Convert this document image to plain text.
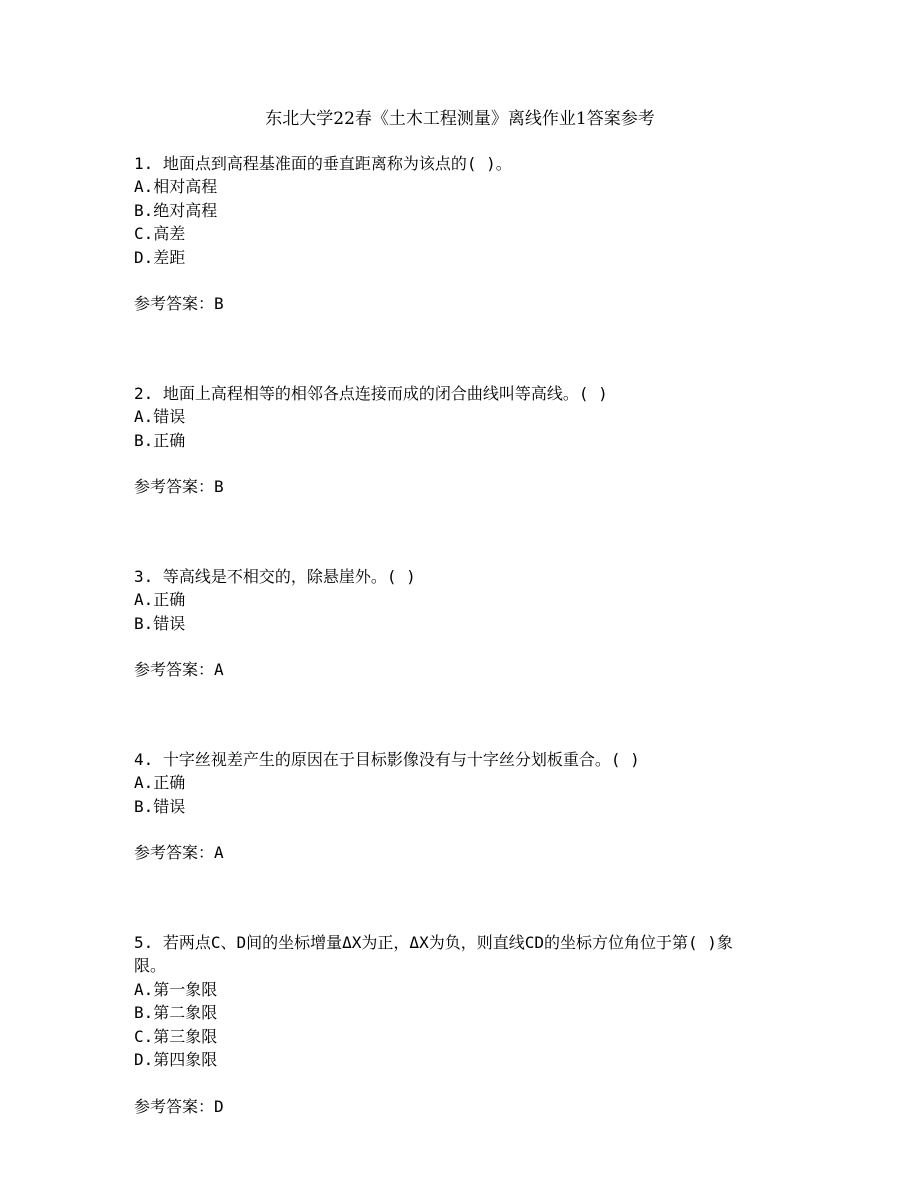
东北大学22春《土木工程测量》离线作业1答案参考

1. 地面点到高程基准面的垂直距离称为该点的( )。

A.相对高程

B.绝对高程

C.高差

D.差距

参考答案：B

2. 地面上高程相等的相邻各点连接而成的闭合曲线叫等高线。( )

A.错误

B.正确

参考答案：B

3. 等高线是不相交的，除悬崖外。( )

A.正确

B.错误

参考答案：A

4. 十字丝视差产生的原因在于目标影像没有与十字丝分划板重合。( )

A.正确

B.错误

参考答案：A

5. 若两点C、D间的坐标增量ΔX为正，ΔX为负，则直线CD的坐标方位角位于第( )象限。

A.第一象限

B.第二象限

C.第三象限

D.第四象限

参考答案：D
